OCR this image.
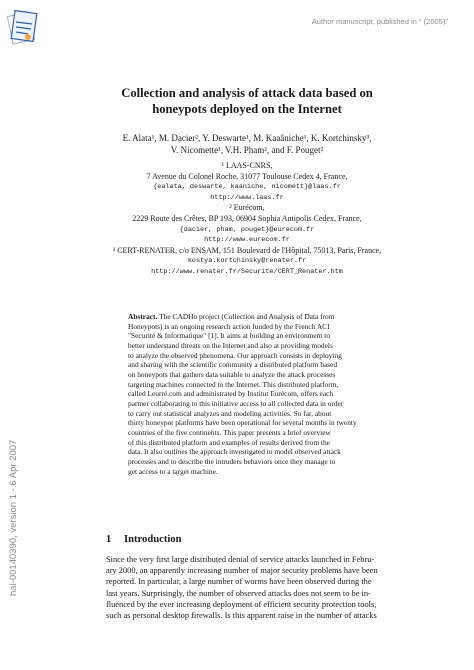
Author manuscript, published in " (2005)"
hal-00140390, version 1 - 6 Apr 2007
Collection and analysis of attack data based on
honeypots deployed on the Internet
E. Alata¹, M. Dacier², Y. Deswarte¹, M. Kaaâniche¹, K. Kortchinsky³,
V. Nicomette¹, V.H. Pham², and F. Pouget²
¹ LAAS-CNRS,
7 Avenue du Colonel Roche, 31077 Toulouse Cedex 4, France,
{ealata, deswarte, kaaniche, nicomett}@laas.fr
http://www.laas.fr
² Eurécom,
2229 Route des Crêtes, BP 193, 06904 Sophia Antipolis Cedex, France,
{dacier, pham, pouget}@eurecom.fr
http://www.eurecom.fr
³ CERT-RENATER, c/o ENSAM, 151 Boulevard de l'Hôpital, 75013, Paris, France,
kostya.kortchinsky@renater.fr
http://www.renater.fr/Securite/CERT_Renater.htm
Abstract. The CADHo project (Collection and Analysis of Data from
Honeypots) is an ongoing research action funded by the French ACI
"Securité & Informatique" [1]. It aims at building an environment to
better understand threats on the Internet and also at providing models
to analyze the observed phenomena. Our approach consists in deploying
and sharing with the scientific community a distributed platform based
on honeypots that gathers data suitable to analyze the attack processes
targeting machines connected to the Internet. This distributed platform,
called Leurré.com and administrated by Institut Eurécom, offers each
partner collaborating to this initiative access to all collected data in order
to carry out statistical analyzes and modeling activities. So far, about
thirty honeypot platforms have been operational for several months in twenty
countries of the five continents. This paper presents a brief overview
of this distributed platform and examples of results derived from the
data. It also outlines the approach investigated to model observed attack
processes and to describe the intruders behaviors once they manage to
get access to a target machine.
1 Introduction
Since the very first large distributed denial of service attacks launched in Febru-
ary 2000, an apparently increasing number of major security problems have been
reported. In particular, a large number of worms have been observed during the
last years. Surprisingly, the number of observed attacks does not seem to be in-
fluenced by the ever increasing deployment of efficient security protection tools,
such as personal desktop firewalls. Is this apparent raise in the number of attacks
